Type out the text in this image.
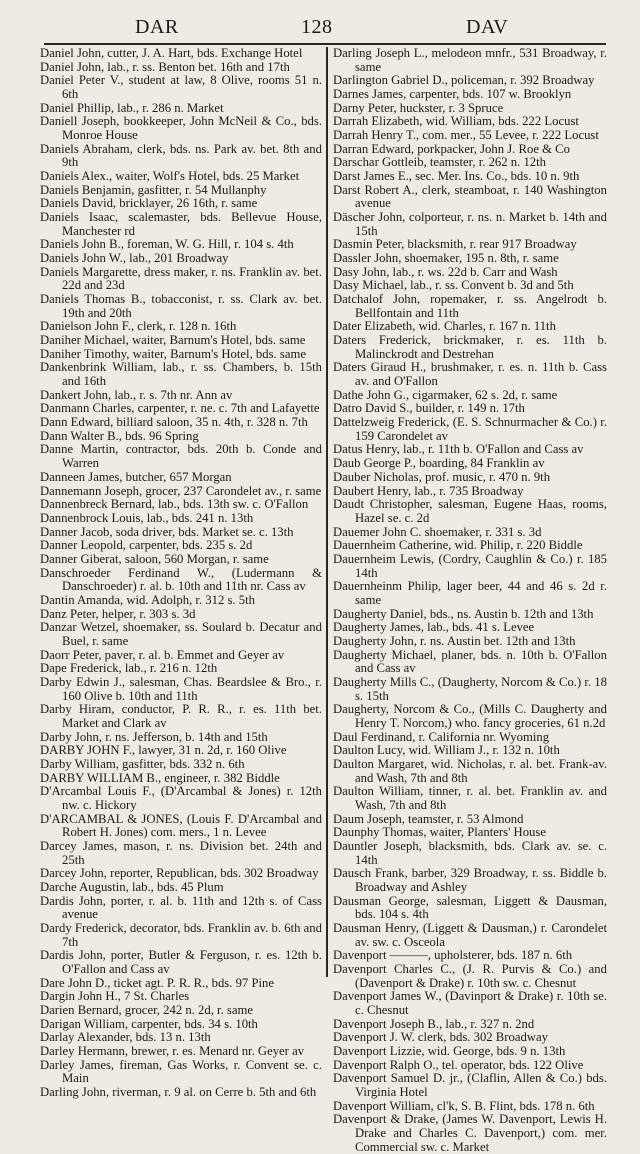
DAR	128	DAV

Daniel John, cutter, J. A. Hart, bds. Exchange Hotel

Daniel John, lab., r. ss. Benton bet. 16th and 17th

Daniel Peter V., student at law, 8 Olive, rooms 51 n. 6th

Daniel Phillip, lab., r. 286 n. Market

Daniell Joseph, bookkeeper, John McNeil & Co., bds. Monroe House

Daniels Abraham, clerk, bds. ns. Park av. bet. 8th and 9th

Daniels Alex., waiter, Wolf's Hotel, bds. 25 Market

Daniels Benjamin, gasfitter, r. 54 Mullanphy

Daniels David, bricklayer, 26 16th, r. same

Daniels Isaac, scalemaster, bds. Bellevue House, Manchester rd

Daniels John B., foreman, W. G. Hill, r. 104 s. 4th

Daniels John W., lab., 201 Broadway

Daniels Margarette, dress maker, r. ns. Franklin av. bet. 22d and 23d

Daniels Thomas B., tobacconist, r. ss. Clark av. bet. 19th and 20th

Danielson John F., clerk, r. 128 n. 16th

Daniher Michael, waiter, Barnum's Hotel, bds. same

Daniher Timothy, waiter, Barnum's Hotel, bds. same

Dankenbrink William, lab., r. ss. Chambers, b. 15th and 16th

Dankert John, lab., r. s. 7th nr. Ann av

Danmann Charles, carpenter, r. ne. c. 7th and Lafayette

Dann Edward, billiard saloon, 35 n. 4th, r. 328 n. 7th

Dann Walter B., bds. 96 Spring

Danne Martin, contractor, bds. 20th b. Conde and Warren

Danneen James, butcher, 657 Morgan

Dannemann Joseph, grocer, 237 Carondelet av., r. same

Dannenbreck Bernard, lab., bds. 13th sw. c. O'Fallon

Dannenbrock Louis, lab., bds. 241 n. 13th

Danner Jacob, soda driver, bds. Market se. c. 13th

Danner Leopold, carpenter, bds. 235 s. 2d

Danner Giberat, saloon, 560 Morgan, r. same

Danschroeder Ferdinand W., (Ludermann & Danschroeder) r. al. b. 10th and 11th nr. Cass av

Dantin Amanda, wid. Adolph, r. 312 s. 5th

Danz Peter, helper, r. 303 s. 3d

Danzar Wetzel, shoemaker, ss. Soulard b. Decatur and Buel, r. same

Daorr Peter, paver, r. al. b. Emmet and Geyer av

Dape Frederick, lab., r. 216 n. 12th

Darby Edwin J., salesman, Chas. Beardslee & Bro., r. 160 Olive b. 10th and 11th

Darby Hiram, conductor, P. R. R., r. es. 11th bet. Market and Clark av

Darby John, r. ns. Jefferson, b. 14th and 15th

DARBY JOHN F., lawyer, 31 n. 2d, r. 160 Olive

Darby William, gasfitter, bds. 332 n. 6th

DARBY WILLIAM B., engineer, r. 382 Biddle

D'Arcambal Louis F., (D'Arcambal & Jones) r. 12th nw. c. Hickory

D'ARCAMBAL & JONES, (Louis F. D'Arcambal and Robert H. Jones) com. mers., 1 n. Levee

Darcey James, mason, r. ns. Division bet. 24th and 25th

Darcey John, reporter, Republican, bds. 302 Broadway

Darche Augustin, lab., bds. 45 Plum

Dardis John, porter, r. al. b. 11th and 12th s. of Cass avenue

Dardy Frederick, decorator, bds. Franklin av. b. 6th and 7th

Dardis John, porter, Butler & Ferguson, r. es. 12th b. O'Fallon and Cass av

Dare John D., ticket agt. P. R. R., bds. 97 Pine

Dargin John H., 7 St. Charles

Darien Bernard, grocer, 242 n. 2d, r. same

Darigan William, carpenter, bds. 34 s. 10th

Darlay Alexander, bds. 13 n. 13th

Darley Hermann, brewer, r. es. Menard nr. Geyer av

Darley James, fireman, Gas Works, r. Convent se. c. Main

Darling John, riverman, r. 9 al. on Cerre b. 5th and 6th

Darling Joseph L., melodeon mnfr., 531 Broadway, r. same

Darlington Gabriel D., policeman, r. 392 Broadway

Darnes James, carpenter, bds. 107 w. Brooklyn

Darny Peter, huckster, r. 3 Spruce

Darrah Elizabeth, wid. William, bds. 222 Locust

Darrah Henry T., com. mer., 55 Levee, r. 222 Locust

Darran Edward, porkpacker, John J. Roe & Co

Darschar Gottleib, teamster, r. 262 n. 12th

Darst James E., sec. Mer. Ins. Co., bds. 10 n. 9th

Darst Robert A., clerk, steamboat, r. 140 Washington avenue

Däscher John, colporteur, r. ns. n. Market b. 14th and 15th

Dasmin Peter, blacksmith, r. rear 917 Broadway

Dassler John, shoemaker, 195 n. 8th, r. same

Dasy John, lab., r. ws. 22d b. Carr and Wash

Dasy Michael, lab., r. ss. Convent b. 3d and 5th

Datchalof John, ropemaker, r. ss. Angelrodt b. Bellfontain and 11th

Dater Elizabeth, wid. Charles, r. 167 n. 11th

Daters Frederick, brickmaker, r. es. 11th b. Malinckrodt and Destrehan

Daters Giraud H., brushmaker, r. es. n. 11th b. Cass av. and O'Fallon

Dathe John G., cigarmaker, 62 s. 2d, r. same

Datro David S., builder, r. 149 n. 17th

Dattelzweig Frederick, (E. S. Schnurmacher & Co.) r. 159 Carondelet av

Datus Henry, lab., r. 11th b. O'Fallon and Cass av

Daub George P., boarding, 84 Franklin av

Dauber Nicholas, prof. music, r. 470 n. 9th

Daubert Henry, lab., r. 735 Broadway

Daudt Christopher, salesman, Eugene Haas, rooms, Hazel se. c. 2d

Dauemer John C. shoemaker, r. 331 s. 3d

Dauernheim Catherine, wid. Philip, r. 220 Biddle

Dauernheim Lewis, (Cordry, Caughlin & Co.) r. 185 14th

Dauernheinm Philip, lager beer, 44 and 46 s. 2d r. same

Daugherty Daniel, bds., ns. Austin b. 12th and 13th

Daugherty James, lab., bds. 41 s. Levee

Daugherty John, r. ns. Austin bet. 12th and 13th

Daugherty Michael, planer, bds. n. 10th b. O'Fallon and Cass av

Daugherty Mills C., (Daugherty, Norcom & Co.) r. 18 s. 15th

Daugherty, Norcom & Co., (Mills C. Daugherty and Henry T. Norcom,) who. fancy groceries, 61 n.2d

Daul Ferdinand, r. California nr. Wyoming

Daulton Lucy, wid. William J., r. 132 n. 10th

Daulton Margaret, wid. Nicholas, r. al. bet. Frank-av. and Wash, 7th and 8th

Daulton William, tinner, r. al. bet. Franklin av. and Wash, 7th and 8th

Daum Joseph, teamster, r. 53 Almond

Daunphy Thomas, waiter, Planters' House

Dauntler Joseph, blacksmith, bds. Clark av. se. c. 14th

Dausch Frank, barber, 329 Broadway, r. ss. Biddle b. Broadway and Ashley

Dausman George, salesman, Liggett & Dausman, bds. 104 s. 4th

Dausman Henry, (Liggett & Dausman,) r. Carondelet av. sw. c. Osceola

Davenport ———, upholsterer, bds. 187 n. 6th

Davenport Charles C., (J. R. Purvis & Co.) and (Davenport & Drake) r. 10th sw. c. Chesnut

Davenport James W., (Davinport & Drake) r. 10th se. c. Chesnut

Davenport Joseph B., lab., r. 327 n. 2nd

Davenport J. W. clerk, bds. 302 Broadway

Davenport Lizzie, wid. George, bds. 9 n. 13th

Davenport Ralph O., tel. operator, bds. 122 Olive

Davenport Samuel D. jr., (Claflin, Allen & Co.) bds. Virginia Hotel

Davenport William, cl'k, S. B. Flint, bds. 178 n. 6th

Davenport & Drake, (James W. Davenport, Lewis H. Drake and Charles C. Davenport,) com. mer. Commercial sw. c. Market
